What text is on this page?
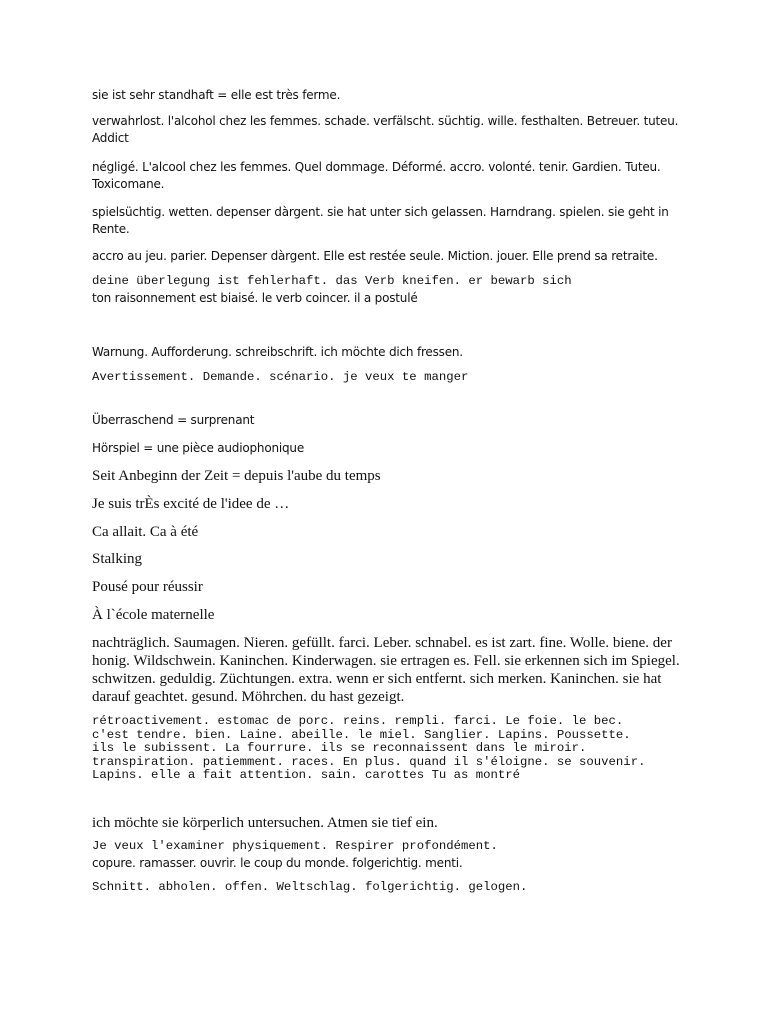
sie ist sehr standhaft = elle est très ferme.

verwahrlost. l'alcohol chez les femmes. schade. verfälscht. süchtig. wille. festhalten. Betreuer. tuteu. Addict

négligé. L'alcool chez les femmes. Quel dommage. Déformé. accro. volonté. tenir. Gardien. Tuteu. Toxicomane.

spielsüchtig. wetten. depenser dàrgent. sie hat unter sich gelassen. Harndrang. spielen. sie geht in Rente.

accro au jeu. parier. Depenser dàrgent. Elle est restée seule. Miction. jouer. Elle prend sa retraite.

deine überlegung ist fehlerhaft. das Verb kneifen. er bewarb sich

ton raisonnement est biaisé. le verb coincer. il a postulé

Warnung. Aufforderung. schreibschrift. ich möchte dich fressen.

Avertissement. Demande. scénario. je veux te manger

Überraschend = surprenant

Hörspiel = une pièce audiophonique

Seit Anbeginn der Zeit = depuis l'aube du temps

Je suis trÈs excité de l'idee de …

Ca allait. Ca à été

Stalking

Pousé pour réussir

À l`école maternelle

nachträglich. Saumagen. Nieren. gefüllt. farci. Leber. schnabel. es ist zart. fine. Wolle. biene. der honig. Wildschwein. Kaninchen. Kinderwagen. sie ertragen es. Fell. sie erkennen sich im Spiegel. schwitzen. geduldig. Züchtungen. extra. wenn er sich entfernt. sich merken. Kaninchen. sie hat darauf geachtet. gesund. Möhrchen. du hast gezeigt.

rétroactivement. estomac de porc. reins. rempli. farci. Le foie. le bec.
c'est tendre. bien. Laine. abeille. le miel. Sanglier. Lapins. Poussette.
ils le subissent. La fourrure. ils se reconnaissent dans le miroir.
transpiration. patiemment. races. En plus. quand il s'éloigne. se souvenir.
Lapins. elle a fait attention. sain. carottes Tu as montré

ich möchte sie körperlich untersuchen. Atmen sie tief ein.

Je veux l'examiner physiquement. Respirer profondément.

copure. ramasser. ouvrir. le coup du monde. folgerichtig. menti.

Schnitt. abholen. offen. Weltschlag. folgerichtig. gelogen.
